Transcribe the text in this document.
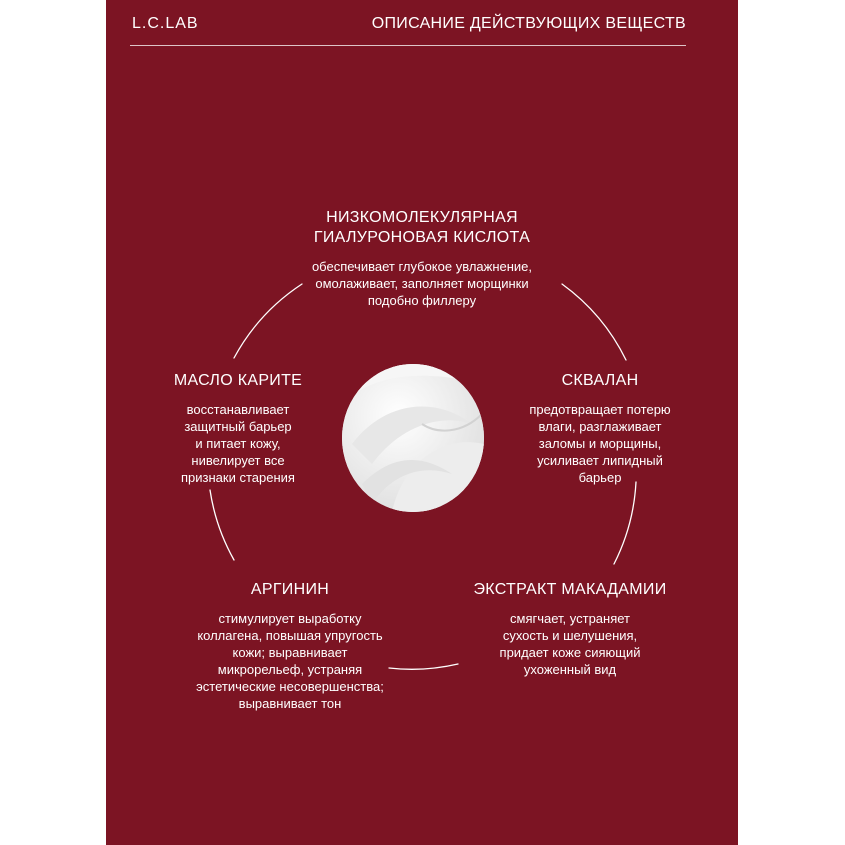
L.C.LAB	ОПИСАНИЕ ДЕЙСТВУЮЩИХ ВЕЩЕСТВ
НИЗКОМОЛЕКУЛЯРНАЯ
ГИАЛУРОНОВАЯ КИСЛОТА
обеспечивает глубокое увлажнение,
омолаживает, заполняет морщинки
подобно филлеру
МАСЛО КАРИТЕ
восстанавливает
защитный барьер
и питает кожу,
нивелирует все
признаки старения
СКВАЛАН
предотвращает потерю
влаги, разглаживает
заломы и морщины,
усиливает липидный
барьер
АРГИНИН
стимулирует выработку
коллагена, повышая упругость
кожи; выравнивает
микрорельеф, устраняя
эстетические несовершенства;
выравнивает тон
ЭКСТРАКТ МАКАДАМИИ
смягчает, устраняет
сухость и шелушения,
придает коже сияющий
ухоженный вид
